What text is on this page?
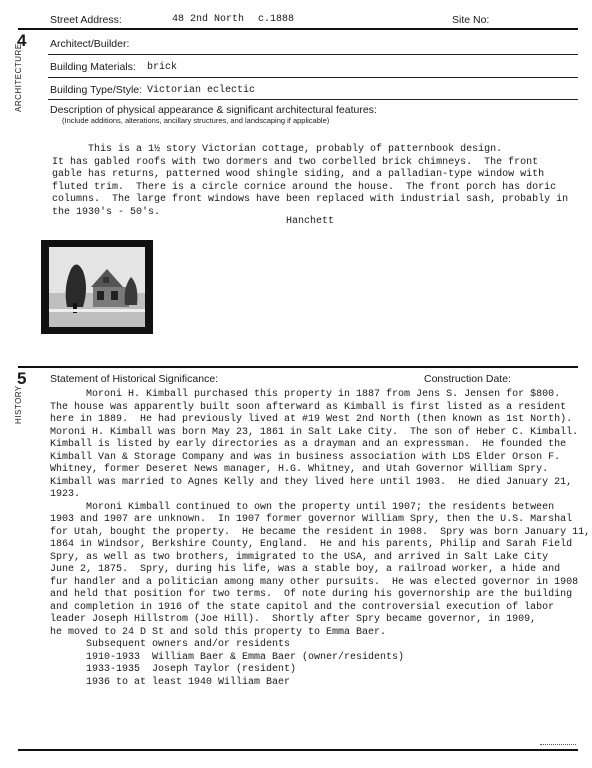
Street Address:	48 2nd North c.1888	Site No:
4
ARCHITECTURE	Architect/Builder:
Building Materials: brick
Building Type/Style: Victorian eclectic
Description of physical appearance & significant architectural features:
(Include additions, alterations, ancillary structures, and landscaping if applicable)
This is a 1½ story Victorian cottage, probably of patternbook design.
It has gabled roofs with two dormers and two corbelled brick chimneys.  The front
gable has returns, patterned wood shingle siding, and a palladian-type window with
fluted trim.  There is a circle cornice around the house.  The front porch has doric
columns.  The large front windows have been replaced with industrial sash, probably in
the 1930's - 50's.
Hanchett
5
HISTORY
Statement of Historical Significance:	Construction Date:
Moroni H. Kimball purchased this property in 1887 from Jens S. Jensen for $800.
The house was apparently built soon afterward as Kimball is first listed as a resident
here in 1889.  He had previously lived at #19 West 2nd North (then known as 1st North).
Moroni H. Kimball was born May 23, 1861 in Salt Lake City.  The son of Heber C. Kimball.
Kimball is listed by early directories as a drayman and an expressman.  He founded the
Kimball Van & Storage Company and was in business association with LDS Elder Orson F.
Whitney, former Deseret News manager, H.G. Whitney, and Utah Governor William Spry.
Kimball was married to Agnes Kelly and they lived here until 1903.  He died January 21,
1923.
Moroni Kimball continued to own the property until 1907; the residents between
1903 and 1907 are unknown.  In 1907 former governor William Spry, then the U.S. Marshal
for Utah, bought the property.  He became the resident in 1908.  Spry was born January 11,
1864 in Windsor, Berkshire County, England.  He and his parents, Philip and Sarah Field
Spry, as well as two brothers, immigrated to the USA, and arrived in Salt Lake City
June 2, 1875.  Spry, during his life, was a stable boy, a railroad worker, a hide and
fur handler and a politician among many other pursuits.  He was elected governor in 1908
and held that position for two terms.  Of note during his governorship are the building
and completion in 1916 of the state capitol and the controversial execution of labor
leader Joseph Hillstrom (Joe Hill).  Shortly after Spry became governor, in 1909,
he moved to 24 D St and sold this property to Emma Baer.
Subsequent owners and/or residents
1910-1933  William Baer & Emma Baer (owner/residents)
1933-1935  Joseph Taylor (resident)
1936 to at least 1940 William Baer
